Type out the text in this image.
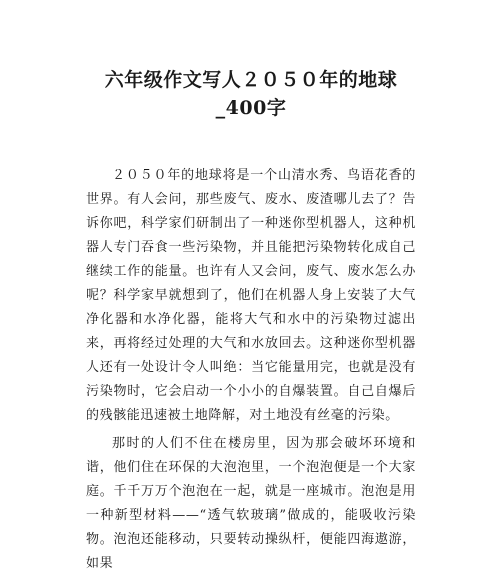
六年级作文写人２０５０年的地球_400字

２０５０年的地球将是一个山清水秀、鸟语花香的世界。有人会问，那些废气、废水、废渣哪儿去了？告诉你吧，科学家们研制出了一种迷你型机器人，这种机器人专门吞食一些污染物，并且能把污染物转化成自己继续工作的能量。也许有人又会问，废气、废水怎么办呢？科学家早就想到了，他们在机器人身上安装了大气净化器和水净化器，能将大气和水中的污染物过滤出来，再将经过处理的大气和水放回去。这种迷你型机器人还有一处设计令人叫绝：当它能量用完，也就是没有污染物时，它会启动一个小小的自爆装置。自己自爆后的残骸能迅速被土地降解，对土地没有丝毫的污染。

那时的人们不住在楼房里，因为那会破坏环境和谐，他们住在环保的大泡泡里，一个泡泡便是一个大家庭。千千万万个泡泡在一起，就是一座城市。泡泡是用一种新型材料——“透气软玻璃”做成的，能吸收污染物。泡泡还能移动，只要转动操纵杆，便能四海遨游，如果
